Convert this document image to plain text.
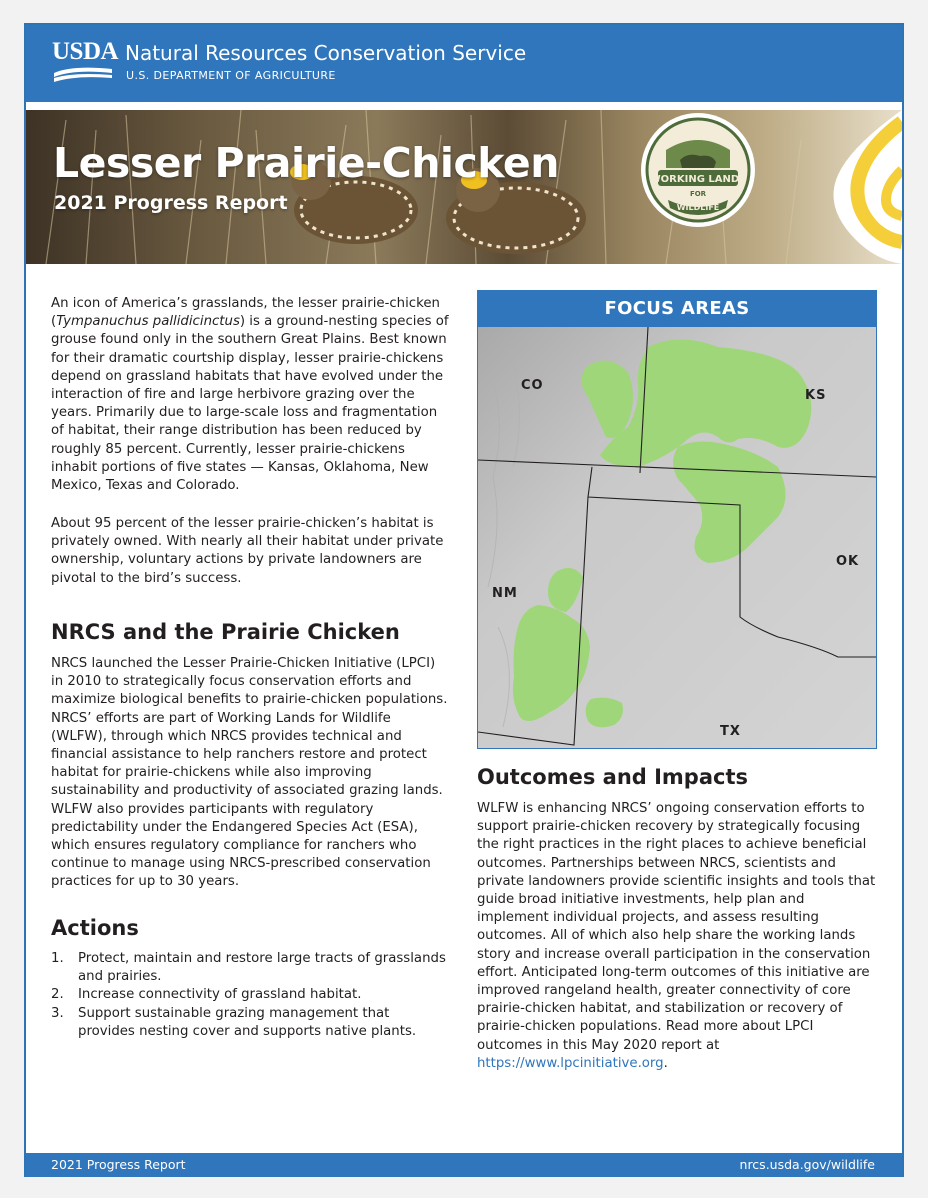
USDA Natural Resources Conservation Service
U.S. DEPARTMENT OF AGRICULTURE
Lesser Prairie-Chicken
2021 Progress Report
WORKING LANDS
FOR
WILDLIFE

An icon of America’s grasslands, the lesser prairie-chicken (Tympanuchus pallidicinctus) is a ground-nesting species of grouse found only in the southern Great Plains. Best known for their dramatic courtship display, lesser prairie-chickens depend on grassland habitats that have evolved under the interaction of fire and large herbivore grazing over the years. Primarily due to large-scale loss and fragmentation of habitat, their range distribution has been reduced by roughly 85 percent. Currently, lesser prairie-chickens inhabit portions of five states — Kansas, Oklahoma, New Mexico, Texas and Colorado.

About 95 percent of the lesser prairie-chicken’s habitat is privately owned. With nearly all their habitat under private ownership, voluntary actions by private landowners are pivotal to the bird’s success.

NRCS and the Prairie Chicken

NRCS launched the Lesser Prairie-Chicken Initiative (LPCI) in 2010 to strategically focus conservation efforts and maximize biological benefits to prairie-chicken populations. NRCS’ efforts are part of Working Lands for Wildlife (WLFW), through which NRCS provides technical and financial assistance to help ranchers restore and protect habitat for prairie-chickens while also improving sustainability and productivity of associated grazing lands. WLFW also provides participants with regulatory predictability under the Endangered Species Act (ESA), which ensures regulatory compliance for ranchers who continue to manage using NRCS-prescribed conservation practices for up to 30 years.

Actions
1. Protect, maintain and restore large tracts of grasslands and prairies.
2. Increase connectivity of grassland habitat.
3. Support sustainable grazing management that provides nesting cover and supports native plants.
FOCUS AREAS
CO
KS
OK
NM
TX
Outcomes and Impacts

WLFW is enhancing NRCS’ ongoing conservation efforts to support prairie-chicken recovery by strategically focusing the right practices in the right places to achieve beneficial outcomes. Partnerships between NRCS, scientists and private landowners provide scientific insights and tools that guide broad initiative investments, help plan and implement individual projects, and assess resulting outcomes. All of which also help share the working lands story and increase overall participation in the conservation effort. Anticipated long-term outcomes of this initiative are improved rangeland health, greater connectivity of core prairie-chicken habitat, and stabilization or recovery of prairie-chicken populations. Read more about LPCI outcomes in this May 2020 report at https://www.lpcinitiative.org.

2021 Progress Report	nrcs.usda.gov/wildlife
